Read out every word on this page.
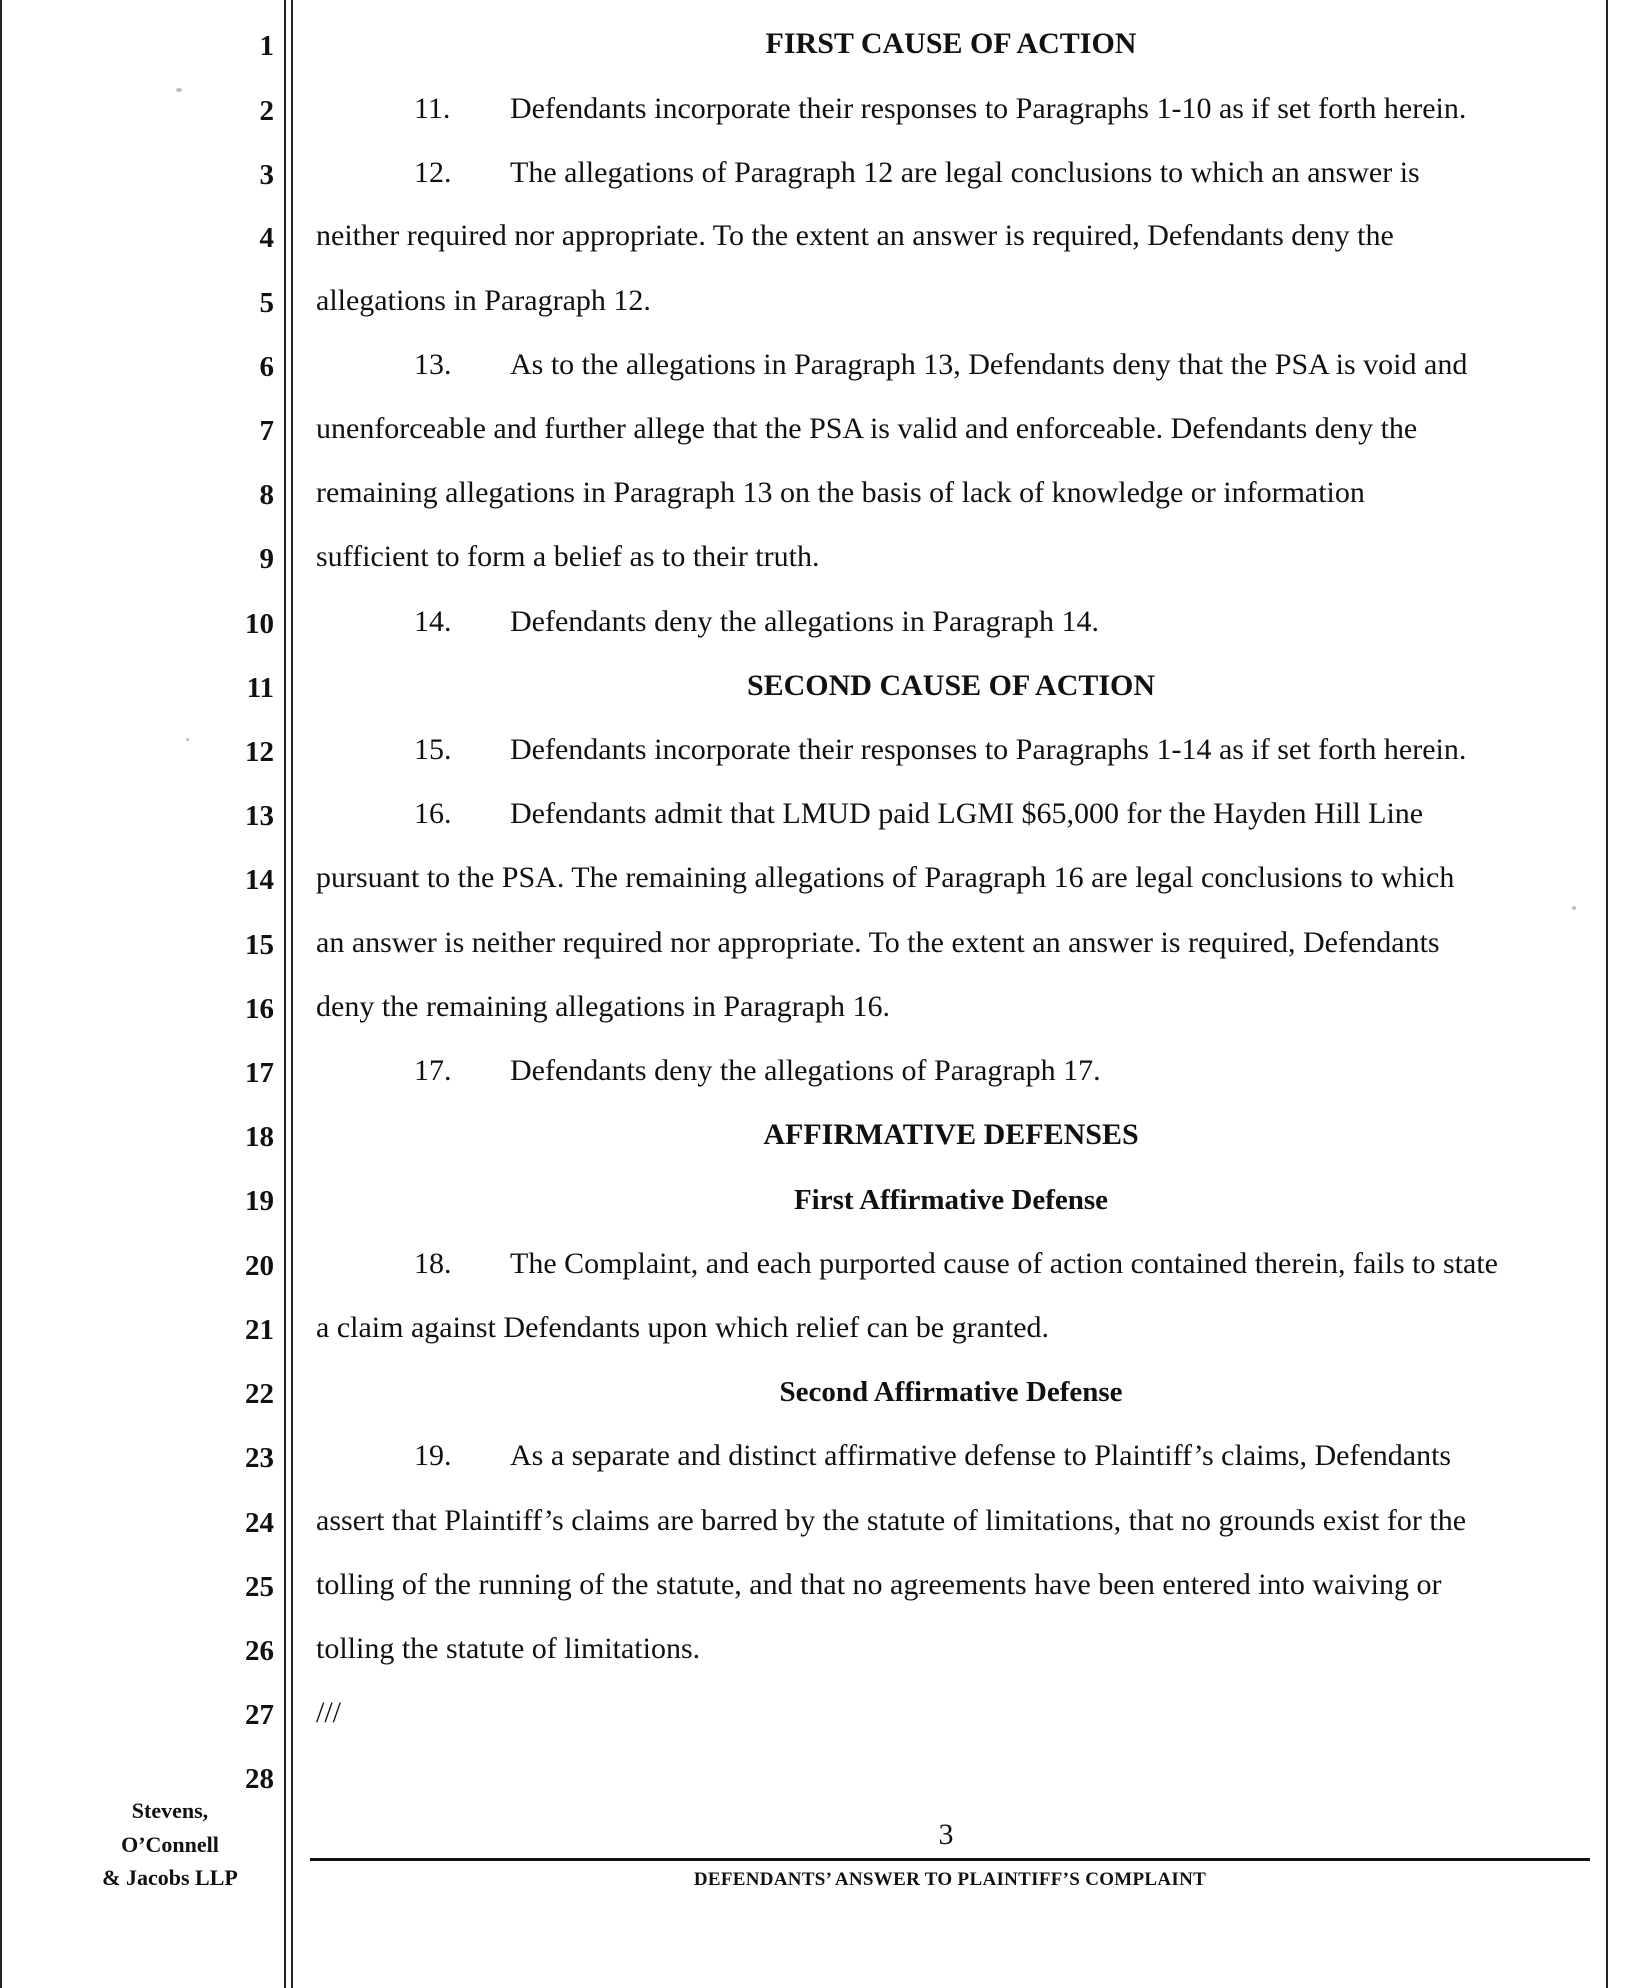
1
2
3
4
5
6
7
8
9
10
11
12
13
14
15
16
17
18
19
20
21
22
23
24
25
26
27
28
FIRST CAUSE OF ACTION
11. Defendants incorporate their responses to Paragraphs 1-10 as if set forth herein.
12. The allegations of Paragraph 12 are legal conclusions to which an answer is
neither required nor appropriate. To the extent an answer is required, Defendants deny the
allegations in Paragraph 12.
13. As to the allegations in Paragraph 13, Defendants deny that the PSA is void and
unenforceable and further allege that the PSA is valid and enforceable. Defendants deny the
remaining allegations in Paragraph 13 on the basis of lack of knowledge or information
sufficient to form a belief as to their truth.
14. Defendants deny the allegations in Paragraph 14.
SECOND CAUSE OF ACTION
15. Defendants incorporate their responses to Paragraphs 1-14 as if set forth herein.
16. Defendants admit that LMUD paid LGMI $65,000 for the Hayden Hill Line
pursuant to the PSA. The remaining allegations of Paragraph 16 are legal conclusions to which
an answer is neither required nor appropriate. To the extent an answer is required, Defendants
deny the remaining allegations in Paragraph 16.
17. Defendants deny the allegations of Paragraph 17.
AFFIRMATIVE DEFENSES
First Affirmative Defense
18. The Complaint, and each purported cause of action contained therein, fails to state
a claim against Defendants upon which relief can be granted.
Second Affirmative Defense
19. As a separate and distinct affirmative defense to Plaintiff’s claims, Defendants
assert that Plaintiff’s claims are barred by the statute of limitations, that no grounds exist for the
tolling of the running of the statute, and that no agreements have been entered into waiving or
tolling the statute of limitations.
///
Stevens,
O’Connell
& Jacobs LLP
3
DEFENDANTS’ ANSWER TO PLAINTIFF’S COMPLAINT
